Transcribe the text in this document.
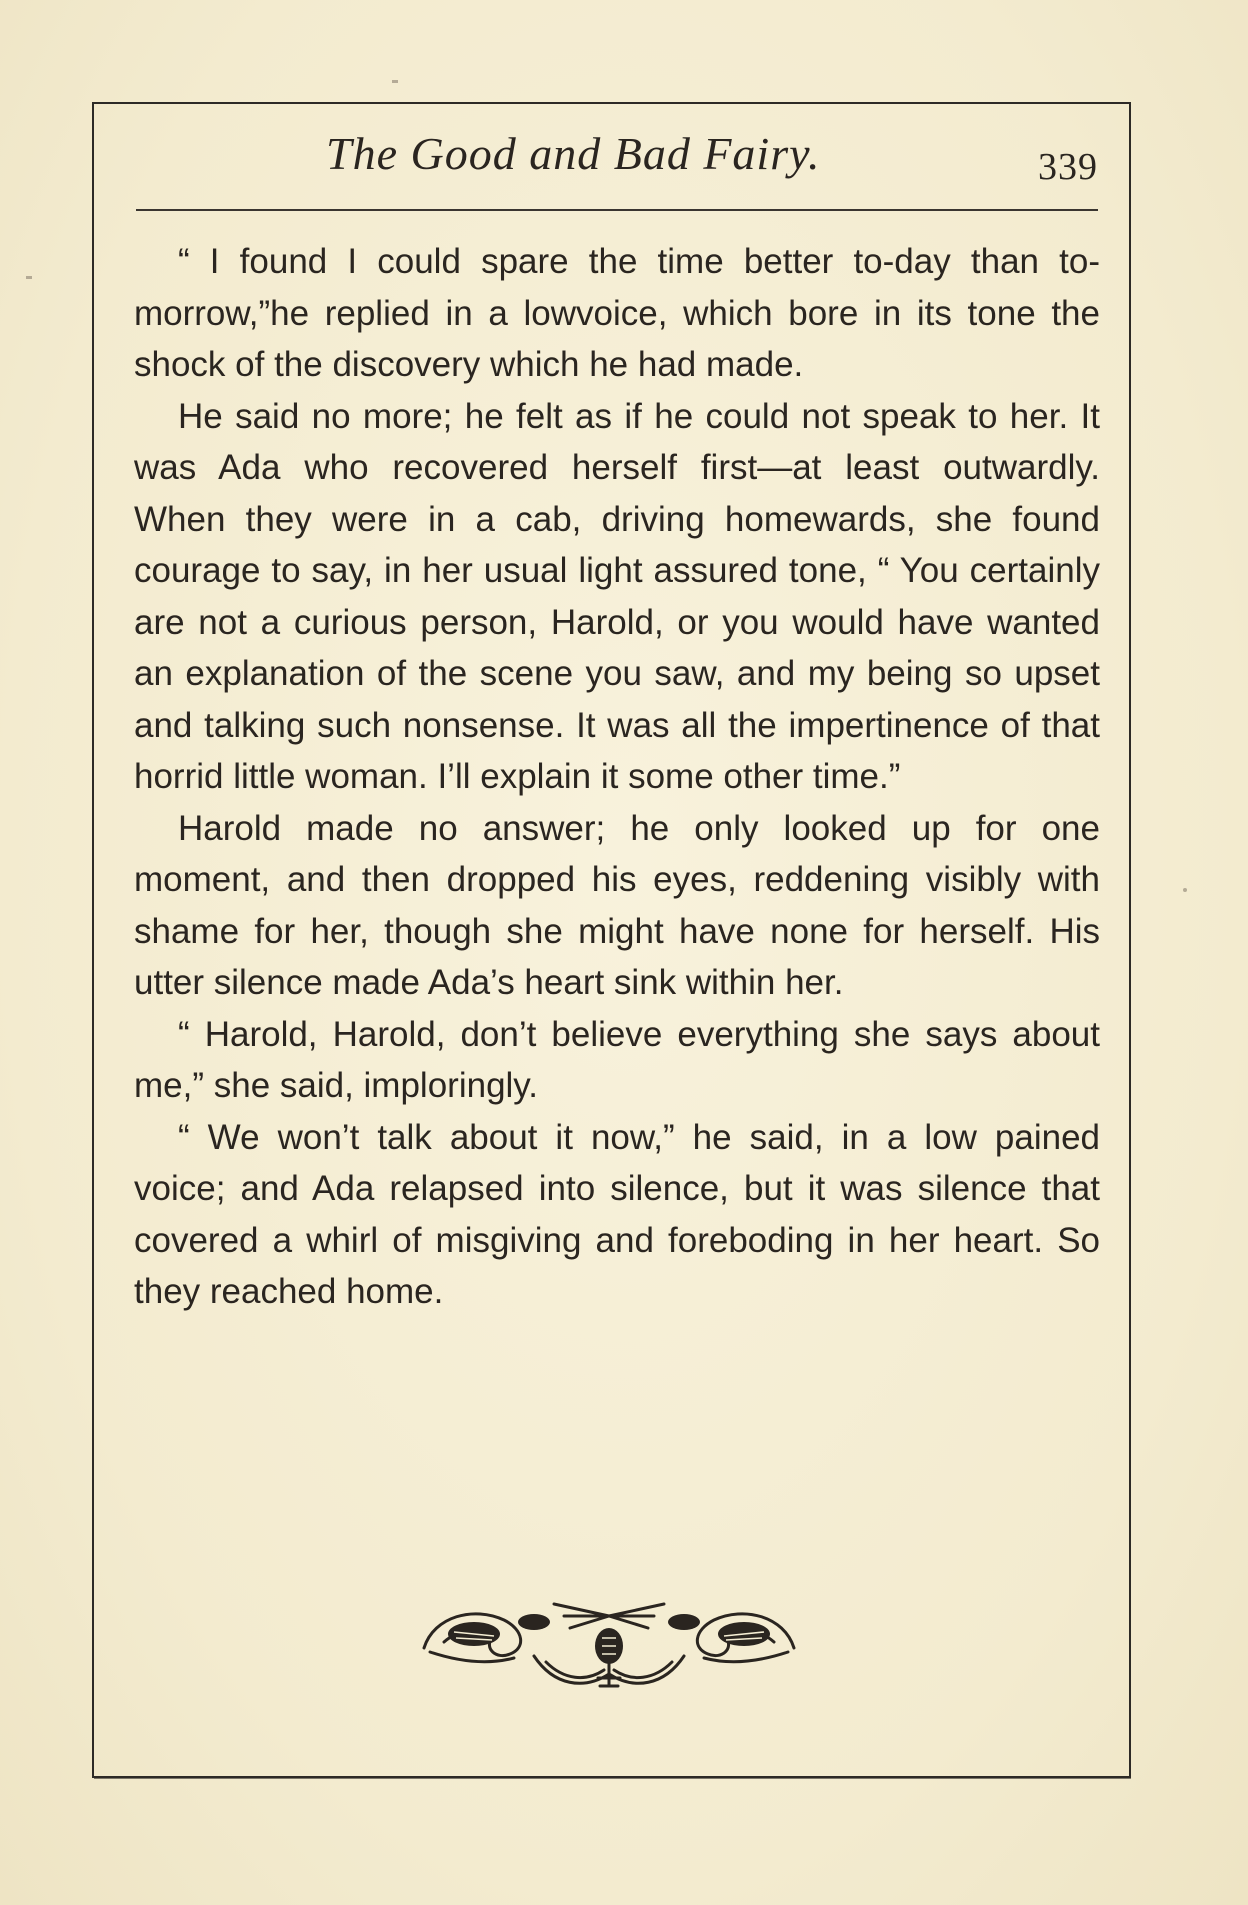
The Good and Bad Fairy.	339

“ I found I could spare the time better to-day than to-morrow,”he replied in a lowvoice, which bore in its tone the shock of the discovery which he had made.

He said no more; he felt as if he could not speak to her. It was Ada who recovered herself first—at least outwardly. When they were in a cab, driving homewards, she found courage to say, in her usual light assured tone, “ You certainly are not a curious person, Harold, or you would have wanted an explanation of the scene you saw, and my being so upset and talking such nonsense. It was all the impertinence of that horrid little woman. I’ll explain it some other time.”

Harold made no answer; he only looked up for one moment, and then dropped his eyes, reddening visibly with shame for her, though she might have none for herself. His utter silence made Ada’s heart sink within her.

“ Harold, Harold, don’t believe everything she says about me,” she said, imploringly.

“ We won’t talk about it now,” he said, in a low pained voice; and Ada relapsed into silence, but it was silence that covered a whirl of misgiving and foreboding in her heart. So they reached home.
